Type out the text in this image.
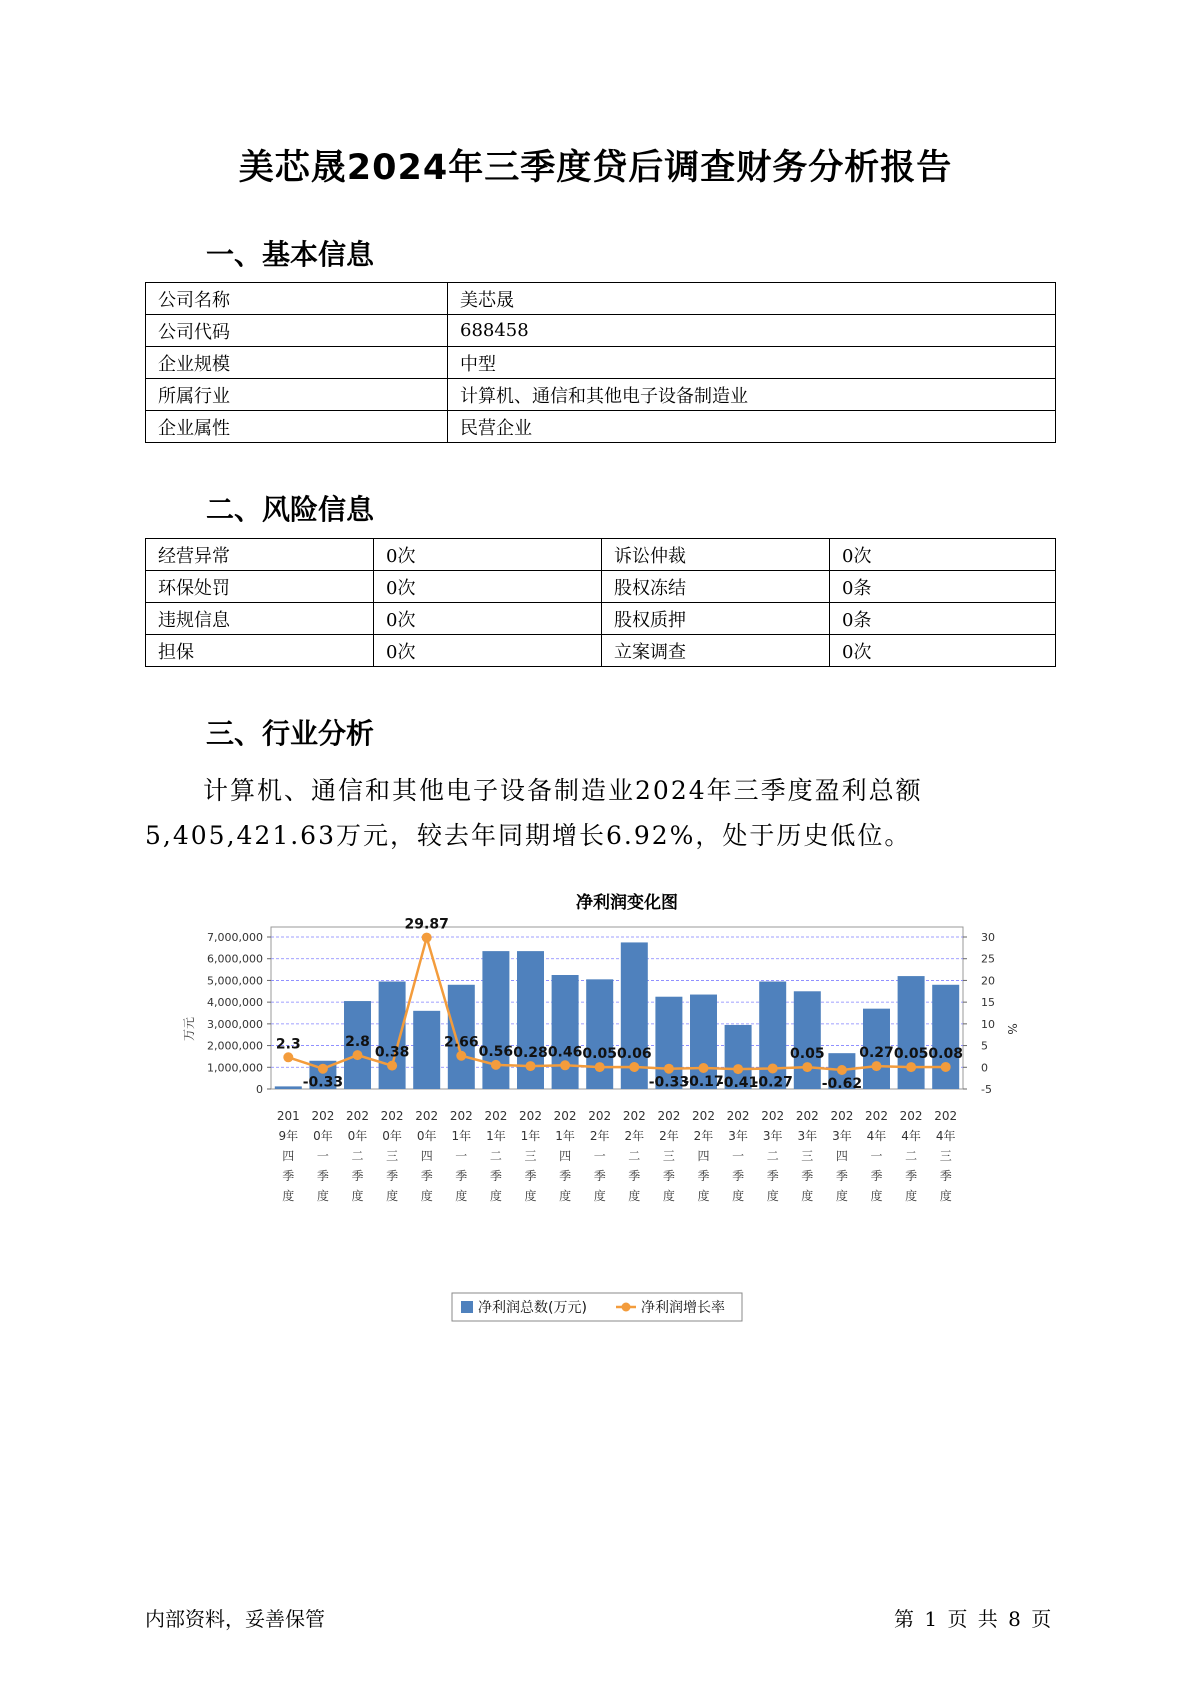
美芯晟2024年三季度贷后调查财务分析报告
一、基本信息
公司名称	美芯晟
公司代码	688458
企业规模	中型
所属行业	计算机、通信和其他电子设备制造业
企业属性	民营企业
二、风险信息
经营异常	0次	诉讼仲裁	0次
环保处罚	0次	股权冻结	0条
违规信息	0次	股权质押	0条
担保	0次	立案调查	0次
三、行业分析
计算机、通信和其他电子设备制造业2024年三季度盈利总额
5,405,421.63万元，较去年同期增长6.92%，处于历史低位。
净利润变化图
0
1,000,000
2,000,000
3,000,000
4,000,000
5,000,000
6,000,000
7,000,000
-5
0
5
10
15
20
25
30
万元	%
2.3
-0.33
2.8
0.38
29.87
2.66
0.56 0.28 0.46 0.05 0.06
-0.33
-0.17
-0.41
-0.27
0.05
-0.62
0.27 0.05 0.08
201 9年四季度
202 0年一季度
202 0年二季度
202 0年三季度
202 0年四季度
202 1年一季度
202 1年二季度
202 1年三季度
202 1年四季度
202 2年一季度
202 2年二季度
202 2年三季度
202 2年四季度
202 3年一季度
202 3年二季度
202 3年三季度
202 3年四季度
202 4年一季度
202 4年二季度
202 4年三季度
净利润总数(万元)	净利润增长率
内部资料，妥善保管	第 1 页 共 8 页
